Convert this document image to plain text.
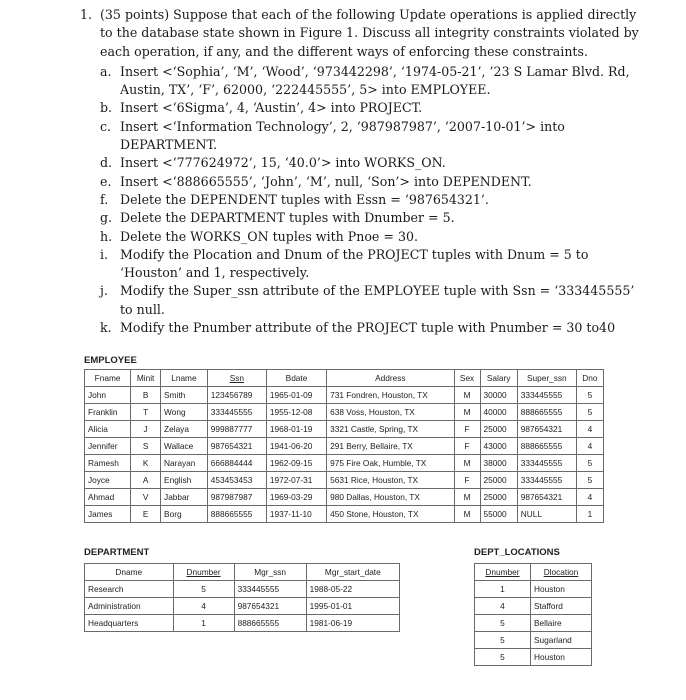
1. (35 points) Suppose that each of the following Update operations is applied directly to the database state shown in Figure 1. Discuss all integrity constraints violated by each operation, if any, and the different ways of enforcing these constraints.
a. Insert <‘Sophia’, ‘M’, ‘Wood’, ‘973442298’, ‘1974-05-21’, ’23 S Lamar Blvd. Rd, Austin, TX’, ‘F’, 62000, ‘222445555’, 5> into EMPLOYEE.
b. Insert <‘6Sigma’, 4, ‘Austin’, 4> into PROJECT.
c. Insert <‘Information Technology’, 2, ‘987987987’, ‘2007-10-01’> into DEPARTMENT.
d. Insert <‘777624972’, 15, ‘40.0’> into WORKS_ON.
e. Insert <‘888665555’, ‘John’, ‘M’, null, ‘Son’> into DEPENDENT.
f. Delete the DEPENDENT tuples with Essn = ‘987654321’.
g. Delete the DEPARTMENT tuples with Dnumber = 5.
h. Delete the WORKS_ON tuples with Pnoe = 30.
i. Modify the Plocation and Dnum of the PROJECT tuples with Dnum = 5 to ‘Houston’ and 1, respectively.
j. Modify the Super_ssn attribute of the EMPLOYEE tuple with Ssn = ‘333445555’ to null.
k. Modify the Pnumber attribute of the PROJECT tuple with Pnumber = 30 to40
EMPLOYEE
Fname	Minit	Lname	Ssn	Bdate	Address	Sex	Salary	Super_ssn	Dno
John	B	Smith	123456789	1965-01-09	731 Fondren, Houston, TX	M	30000	333445555	5
Franklin	T	Wong	333445555	1955-12-08	638 Voss, Houston, TX	M	40000	888665555	5
Alicia	J	Zelaya	999887777	1968-01-19	3321 Castle, Spring, TX	F	25000	987654321	4
Jennifer	S	Wallace	987654321	1941-06-20	291 Berry, Bellaire, TX	F	43000	888665555	4
Ramesh	K	Narayan	666884444	1962-09-15	975 Fire Oak, Humble, TX	M	38000	333445555	5
Joyce	A	English	453453453	1972-07-31	5631 Rice, Houston, TX	F	25000	333445555	5
Ahmad	V	Jabbar	987987987	1969-03-29	980 Dallas, Houston, TX	M	25000	987654321	4
James	E	Borg	888665555	1937-11-10	450 Stone, Houston, TX	M	55000	NULL	1
DEPARTMENT
Dname	Dnumber	Mgr_ssn	Mgr_start_date
Research	5	333445555	1988-05-22
Administration	4	987654321	1995-01-01
Headquarters	1	888665555	1981-06-19
DEPT_LOCATIONS
Dnumber	Dlocation
1	Houston
4	Stafford
5	Bellaire
5	Sugarland
5	Houston
